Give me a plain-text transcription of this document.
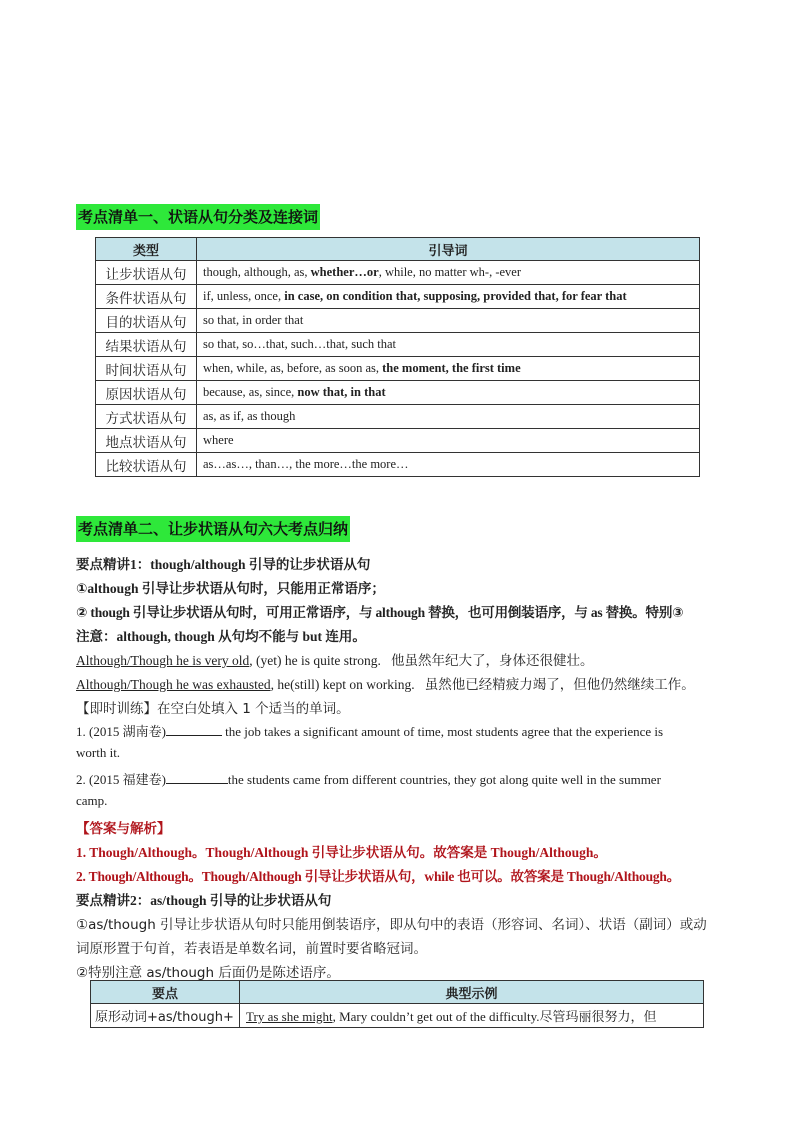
考点清单一、状语从句分类及连接词
类型	引导词
让步状语从句	though, although, as, whether…or, while, no matter wh-, -ever
条件状语从句	if, unless, once, in case, on condition that, supposing, provided that, for fear that
目的状语从句	so that, in order that
结果状语从句	so that, so…that, such…that, such that
时间状语从句	when, while, as, before, as soon as, the moment, the first time
原因状语从句	because, as, since, now that, in that
方式状语从句	as, as if, as though
地点状语从句	where
比较状语从句	as…as…, than…, the more…the more…
考点清单二、让步状语从句六大考点归纳
要点精讲1：though/although 引导的让步状语从句
①although 引导让步状语从句时，只能用正常语序；
② though 引导让步状语从句时，可用正常语序，与 although 替换，也可用倒装语序，与 as 替换。特别③
注意：although, though 从句均不能与 but 连用。
Although/Though he is very old, (yet) he is quite strong. 他虽然年纪大了，身体还很健壮。
Although/Though he was exhausted, he(still) kept on working. 虽然他已经精疲力竭了，但他仍然继续工作。
【即时训练】在空白处填入 1 个适当的单词。
1. (2015 湖南卷)	the job takes a significant amount of time, most students agree that the experience is
worth it.
2. (2015 福建卷)	the students came from different countries, they got along quite well in the summer
camp.
【答案与解析】
1. Though/Although。Though/Although 引导让步状语从句。故答案是 Though/Although。
2. Though/Although。Though/Although 引导让步状语从句，while 也可以。故答案是 Though/Although。
要点精讲2：as/though 引导的让步状语从句
①as/though 引导让步状语从句时只能用倒装语序，即从句中的表语（形容词、名词）、状语（副词）或动
词原形置于句首，若表语是单数名词，前置时要省略冠词。
②特别注意 as/though 后面仍是陈述语序。
要点	典型示例
原形动词+as/though+	Try as she might, Mary couldn’t get out of the difficulty.尽管玛丽很努力，但
